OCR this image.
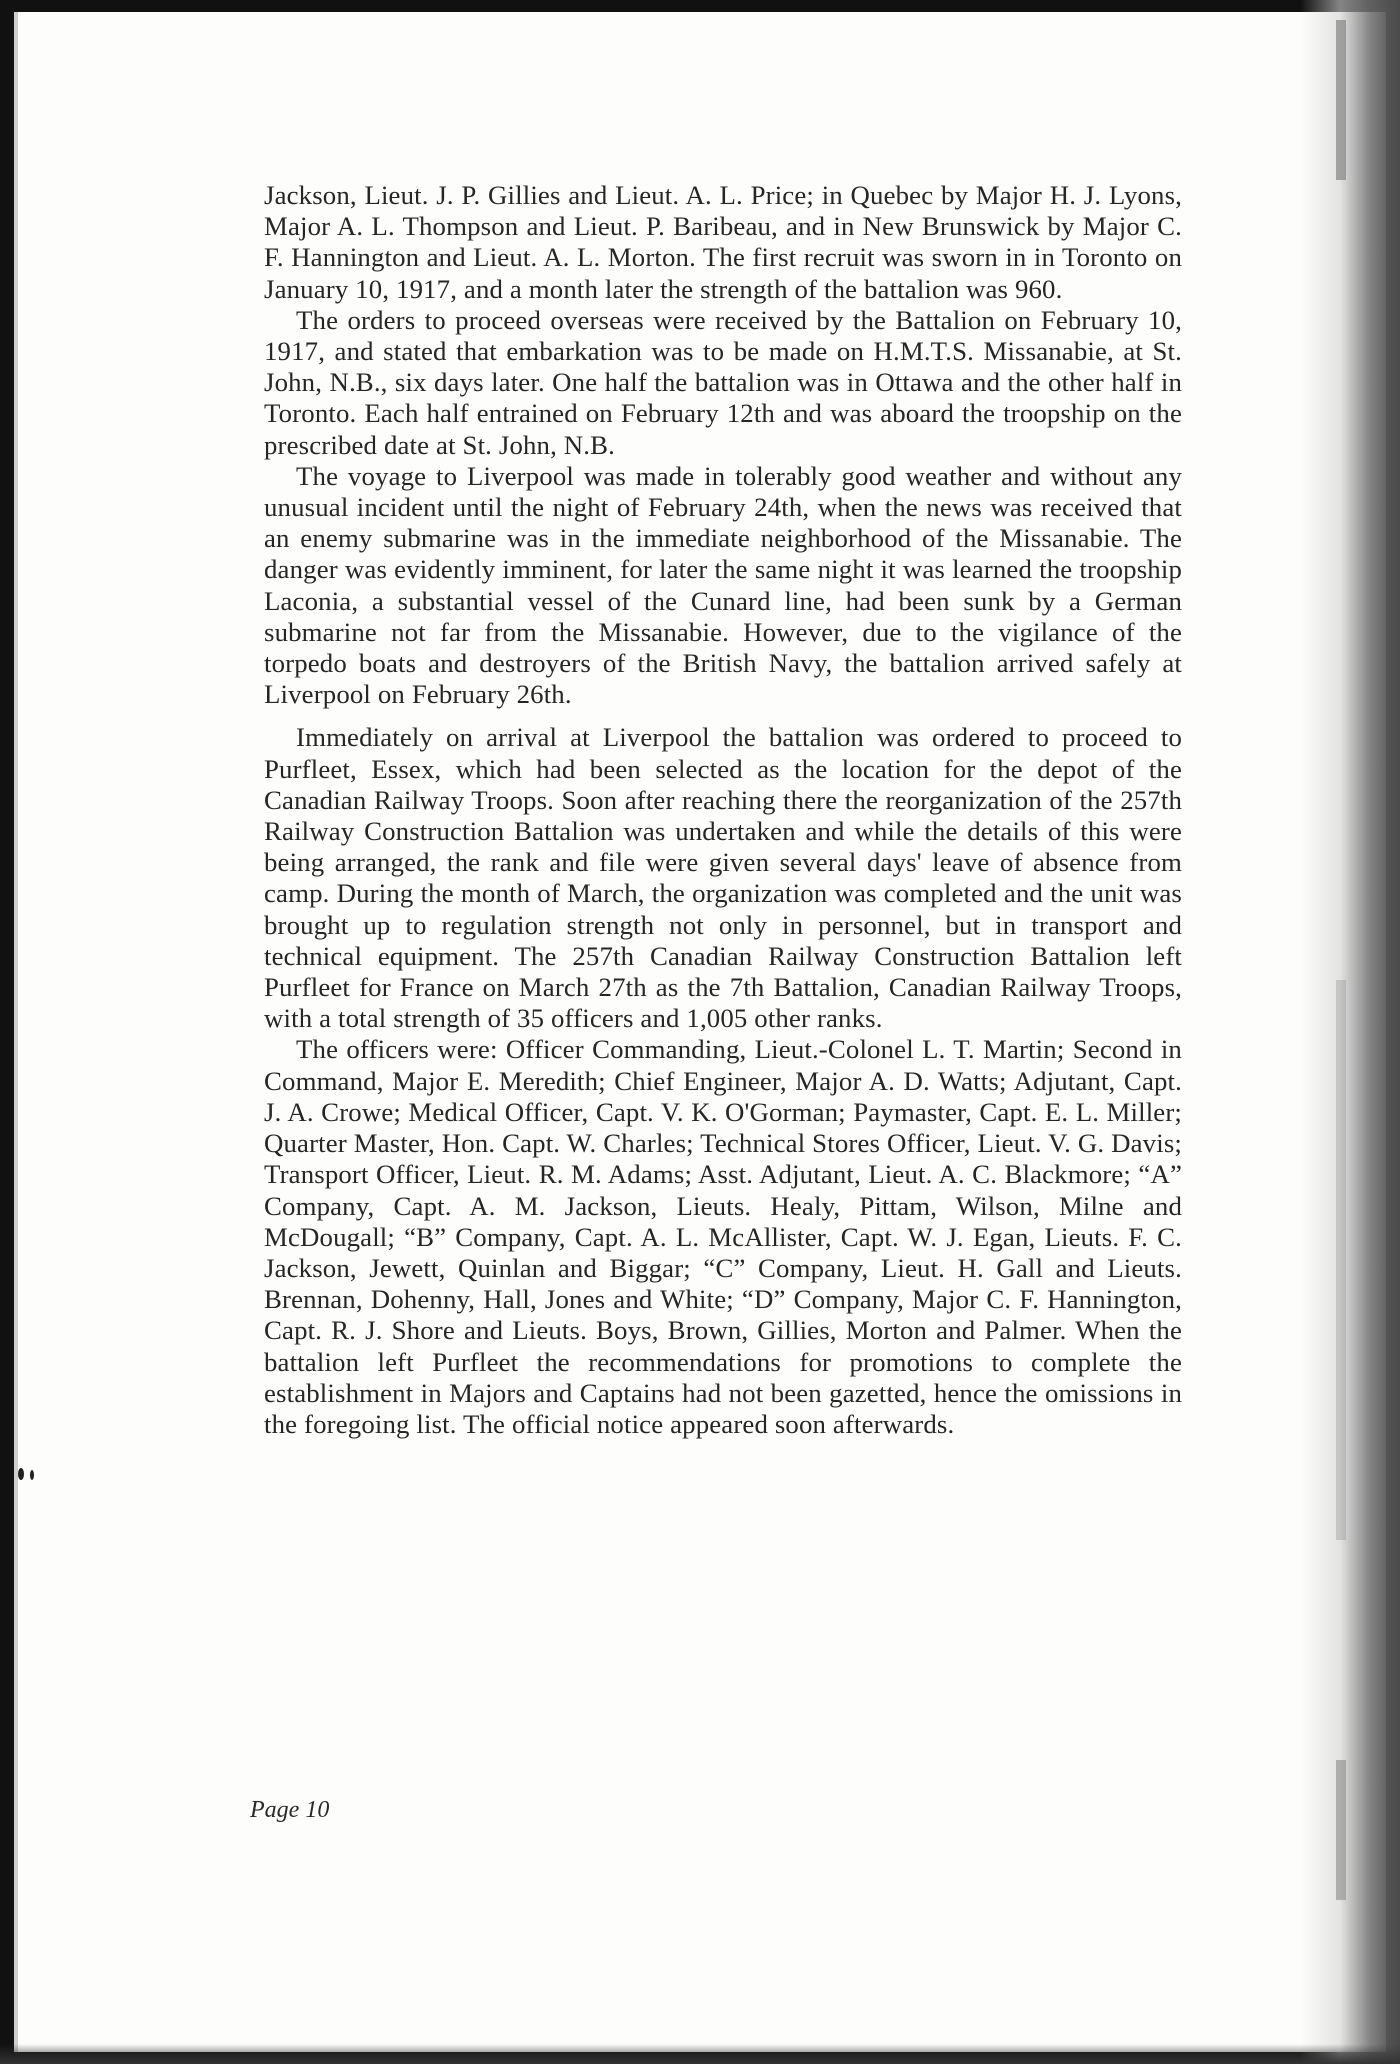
Jackson, Lieut. J. P. Gillies and Lieut. A. L. Price; in Quebec by Major H. J. Lyons, Major A. L. Thompson and Lieut. P. Baribeau, and in New Brunswick by Major C. F. Hannington and Lieut. A. L. Morton. The first recruit was sworn in in Toronto on January 10, 1917, and a month later the strength of the battalion was 960.

The orders to proceed overseas were received by the Battalion on February 10, 1917, and stated that embarkation was to be made on H.M.T.S. Missanabie, at St. John, N.B., six days later. One half the battalion was in Ottawa and the other half in Toronto. Each half entrained on February 12th and was aboard the troopship on the prescribed date at St. John, N.B.

The voyage to Liverpool was made in tolerably good weather and without any unusual incident until the night of February 24th, when the news was received that an enemy submarine was in the immediate neighborhood of the Missanabie. The danger was evidently imminent, for later the same night it was learned the troopship Laconia, a substantial vessel of the Cunard line, had been sunk by a German submarine not far from the Missanabie. However, due to the vigilance of the torpedo boats and destroyers of the British Navy, the battalion arrived safely at Liverpool on February 26th.

Immediately on arrival at Liverpool the battalion was ordered to proceed to Purfleet, Essex, which had been selected as the location for the depot of the Canadian Railway Troops. Soon after reaching there the reorganization of the 257th Railway Construction Battalion was undertaken and while the details of this were being arranged, the rank and file were given several days' leave of absence from camp. During the month of March, the organization was completed and the unit was brought up to regulation strength not only in personnel, but in transport and technical equipment. The 257th Canadian Railway Construction Battalion left Purfleet for France on March 27th as the 7th Battalion, Canadian Railway Troops, with a total strength of 35 officers and 1,005 other ranks.

The officers were: Officer Commanding, Lieut.-Colonel L. T. Martin; Second in Command, Major E. Meredith; Chief Engineer, Major A. D. Watts; Adjutant, Capt. J. A. Crowe; Medical Officer, Capt. V. K. O'Gorman; Paymaster, Capt. E. L. Miller; Quarter Master, Hon. Capt. W. Charles; Technical Stores Officer, Lieut. V. G. Davis; Transport Officer, Lieut. R. M. Adams; Asst. Adjutant, Lieut. A. C. Blackmore; “A” Company, Capt. A. M. Jackson, Lieuts. Healy, Pittam, Wilson, Milne and McDougall; “B” Company, Capt. A. L. McAllister, Capt. W. J. Egan, Lieuts. F. C. Jackson, Jewett, Quinlan and Biggar; “C” Company, Lieut. H. Gall and Lieuts. Brennan, Dohenny, Hall, Jones and White; “D” Company, Major C. F. Hannington, Capt. R. J. Shore and Lieuts. Boys, Brown, Gillies, Morton and Palmer. When the battalion left Purfleet the recommendations for promotions to complete the establishment in Majors and Captains had not been gazetted, hence the omissions in the foregoing list. The official notice appeared soon afterwards.

Page 10
